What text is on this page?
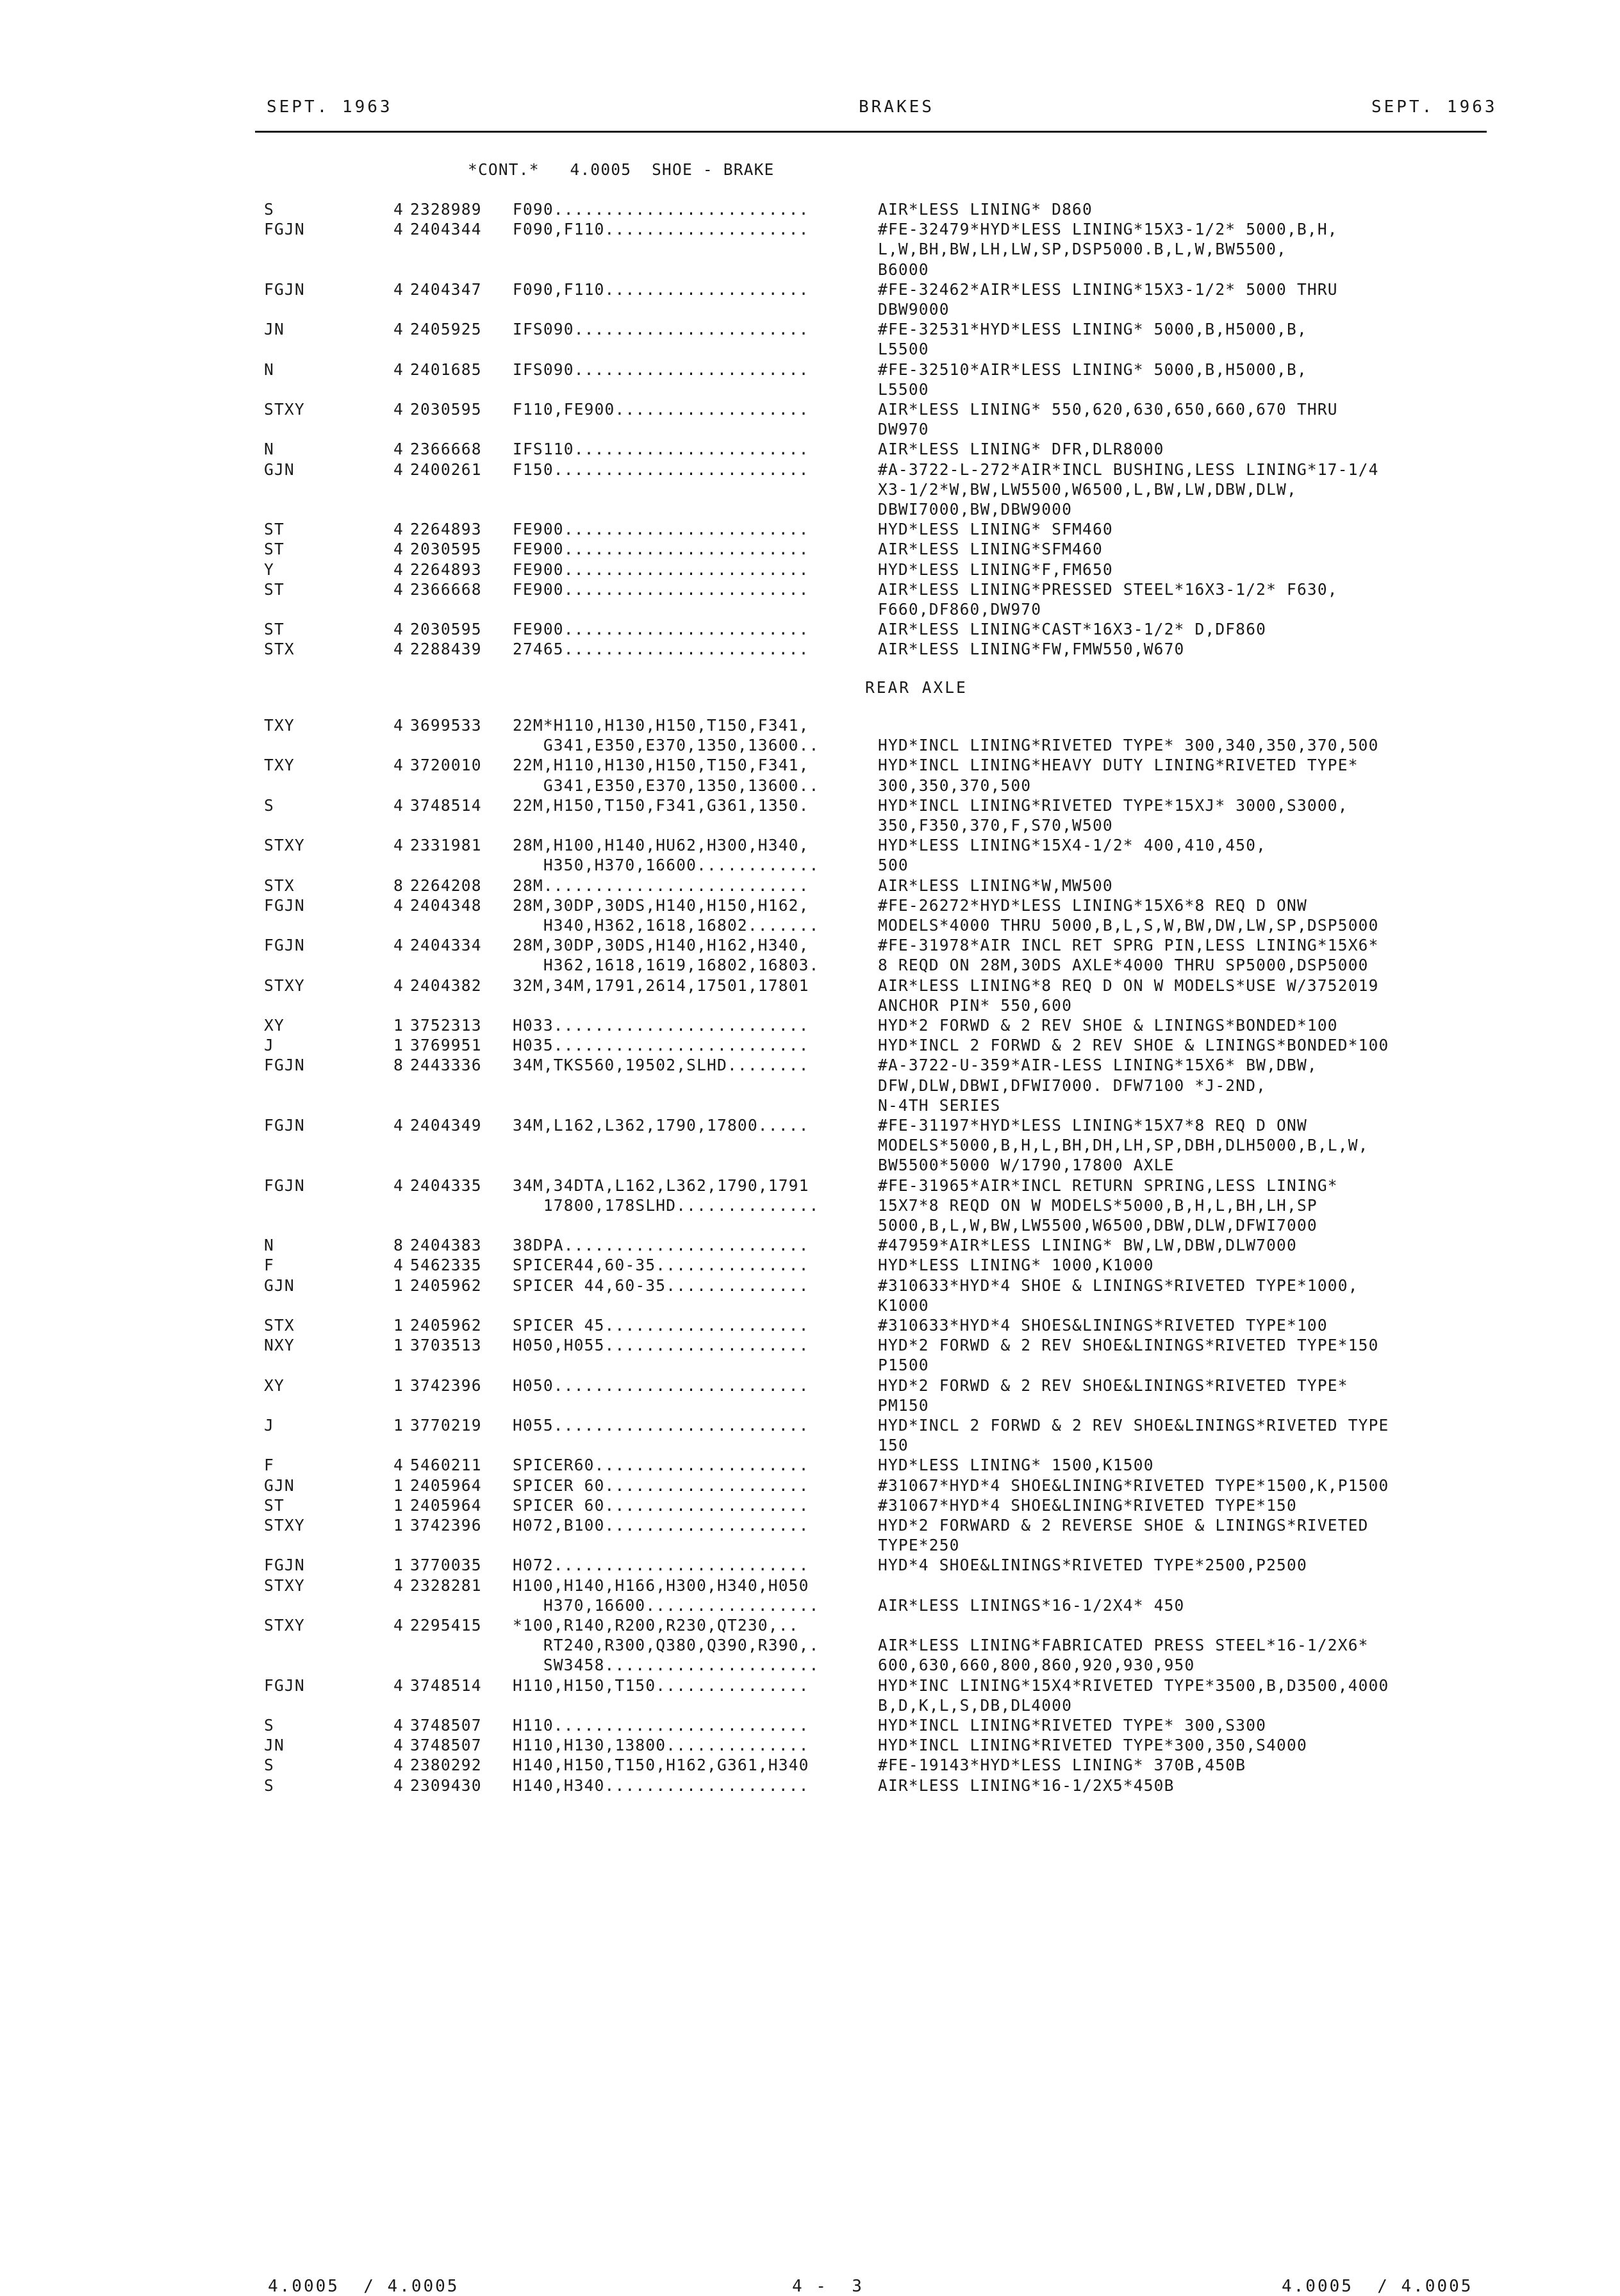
SEPT. 1963	BRAKES	SEPT. 1963
*CONT.*   4.0005  SHOE - BRAKE
S	4 2328989 F090.........................	AIR*LESS LINING* D860
FGJN	4 2404344 F090,F110....................	#FE-32479*HYD*LESS LINING*15X3-1/2* 5000,B,H,
L,W,BH,BW,LH,LW,SP,DSP5000.B,L,W,BW5500,
B6000
FGJN	4 2404347 F090,F110....................	#FE-32462*AIR*LESS LINING*15X3-1/2* 5000 THRU
DBW9000
JN	4 2405925 IFS090.......................	#FE-32531*HYD*LESS LINING* 5000,B,H5000,B,
L5500
N	4 2401685 IFS090.......................	#FE-32510*AIR*LESS LINING* 5000,B,H5000,B,
L5500
STXY	4 2030595 F110,FE900...................	AIR*LESS LINING* 550,620,630,650,660,670 THRU
DW970
N	4 2366668 IFS110.......................	AIR*LESS LINING* DFR,DLR8000
GJN	4 2400261 F150.........................	#A-3722-L-272*AIR*INCL BUSHING,LESS LINING*17-1/4
X3-1/2*W,BW,LW5500,W6500,L,BW,LW,DBW,DLW,
DBWI7000,BW,DBW9000
ST	4 2264893 FE900........................	HYD*LESS LINING* SFM460
ST	4 2030595 FE900........................	AIR*LESS LINING*SFM460
Y	4 2264893 FE900........................	HYD*LESS LINING*F,FM650
ST	4 2366668 FE900........................	AIR*LESS LINING*PRESSED STEEL*16X3-1/2* F630,
F660,DF860,DW970
ST	4 2030595 FE900........................	AIR*LESS LINING*CAST*16X3-1/2* D,DF860
STX	4 2288439 27465........................	AIR*LESS LINING*FW,FMW550,W670
REAR AXLE
TXY	4 3699533 22M*H110,H130,H150,T150,F341,
G341,E350,E370,1350,13600..	HYD*INCL LINING*RIVETED TYPE* 300,340,350,370,500
TXY	4 3720010 22M,H110,H130,H150,T150,F341,	HYD*INCL LINING*HEAVY DUTY LINING*RIVETED TYPE*
G341,E350,E370,1350,13600..	300,350,370,500
S	4 3748514 22M,H150,T150,F341,G361,1350.	HYD*INCL LINING*RIVETED TYPE*15XJ* 3000,S3000,
350,F350,370,F,S70,W500
STXY	4 2331981 28M,H100,H140,HU62,H300,H340,	HYD*LESS LINING*15X4-1/2* 400,410,450,
H350,H370,16600............	500
STX	8 2264208 28M..........................	AIR*LESS LINING*W,MW500
FGJN	4 2404348 28M,30DP,30DS,H140,H150,H162,	#FE-26272*HYD*LESS LINING*15X6*8 REQ D ONW
H340,H362,1618,16802.......	MODELS*4000 THRU 5000,B,L,S,W,BW,DW,LW,SP,DSP5000
FGJN	4 2404334 28M,30DP,30DS,H140,H162,H340,	#FE-31978*AIR INCL RET SPRG PIN,LESS LINING*15X6*
H362,1618,1619,16802,16803.	8 REQD ON 28M,30DS AXLE*4000 THRU SP5000,DSP5000
STXY	4 2404382 32M,34M,1791,2614,17501,17801	AIR*LESS LINING*8 REQ D ON W MODELS*USE W/3752019
ANCHOR PIN* 550,600
XY	1 3752313 H033.........................	HYD*2 FORWD & 2 REV SHOE & LININGS*BONDED*100
J	1 3769951 H035.........................	HYD*INCL 2 FORWD & 2 REV SHOE & LININGS*BONDED*100
FGJN	8 2443336 34M,TKS560,19502,SLHD........	#A-3722-U-359*AIR-LESS LINING*15X6* BW,DBW,
DFW,DLW,DBWI,DFWI7000. DFW7100 *J-2ND,
N-4TH SERIES
FGJN	4 2404349 34M,L162,L362,1790,17800.....	#FE-31197*HYD*LESS LINING*15X7*8 REQ D ONW
MODELS*5000,B,H,L,BH,DH,LH,SP,DBH,DLH5000,B,L,W,
BW5500*5000 W/1790,17800 AXLE
FGJN	4 2404335 34M,34DTA,L162,L362,1790,1791	#FE-31965*AIR*INCL RETURN SPRING,LESS LINING*
17800,178SLHD..............	15X7*8 REQD ON W MODELS*5000,B,H,L,BH,LH,SP
5000,B,L,W,BW,LW5500,W6500,DBW,DLW,DFWI7000
N	8 2404383 38DPA........................	#47959*AIR*LESS LINING* BW,LW,DBW,DLW7000
F	4 5462335 SPICER44,60-35...............	HYD*LESS LINING* 1000,K1000
GJN	1 2405962 SPICER 44,60-35..............	#310633*HYD*4 SHOE & LININGS*RIVETED TYPE*1000,
K1000
STX	1 2405962 SPICER 45....................	#310633*HYD*4 SHOES&LININGS*RIVETED TYPE*100
NXY	1 3703513 H050,H055....................	HYD*2 FORWD & 2 REV SHOE&LININGS*RIVETED TYPE*150
P1500
XY	1 3742396 H050.........................	HYD*2 FORWD & 2 REV SHOE&LININGS*RIVETED TYPE*
PM150
J	1 3770219 H055.........................	HYD*INCL 2 FORWD & 2 REV SHOE&LININGS*RIVETED TYPE
150
F	4 5460211 SPICER60.....................	HYD*LESS LINING* 1500,K1500
GJN	1 2405964 SPICER 60....................	#31067*HYD*4 SHOE&LINING*RIVETED TYPE*1500,K,P1500
ST	1 2405964 SPICER 60....................	#31067*HYD*4 SHOE&LINING*RIVETED TYPE*150
STXY	1 3742396 H072,B100....................	HYD*2 FORWARD & 2 REVERSE SHOE & LININGS*RIVETED
TYPE*250
FGJN	1 3770035 H072.........................	HYD*4 SHOE&LININGS*RIVETED TYPE*2500,P2500
STXY	4 2328281 H100,H140,H166,H300,H340,H050
H370,16600.................	AIR*LESS LININGS*16-1/2X4* 450
STXY	4 2295415 *100,R140,R200,R230,QT230,..
RT240,R300,Q380,Q390,R390,.	AIR*LESS LINING*FABRICATED PRESS STEEL*16-1/2X6*
SW3458.....................	600,630,660,800,860,920,930,950
FGJN	4 3748514 H110,H150,T150...............	HYD*INC LINING*15X4*RIVETED TYPE*3500,B,D3500,4000
B,D,K,L,S,DB,DL4000
S	4 3748507 H110.........................	HYD*INCL LINING*RIVETED TYPE* 300,S300
JN	4 3748507 H110,H130,13800..............	HYD*INCL LINING*RIVETED TYPE*300,350,S4000
S	4 2380292 H140,H150,T150,H162,G361,H340	#FE-19143*HYD*LESS LINING* 370B,450B
S	4 2309430 H140,H340....................	AIR*LESS LINING*16-1/2X5*450B
4.0005  / 4.0005	4 -  3	4.0005  / 4.0005
